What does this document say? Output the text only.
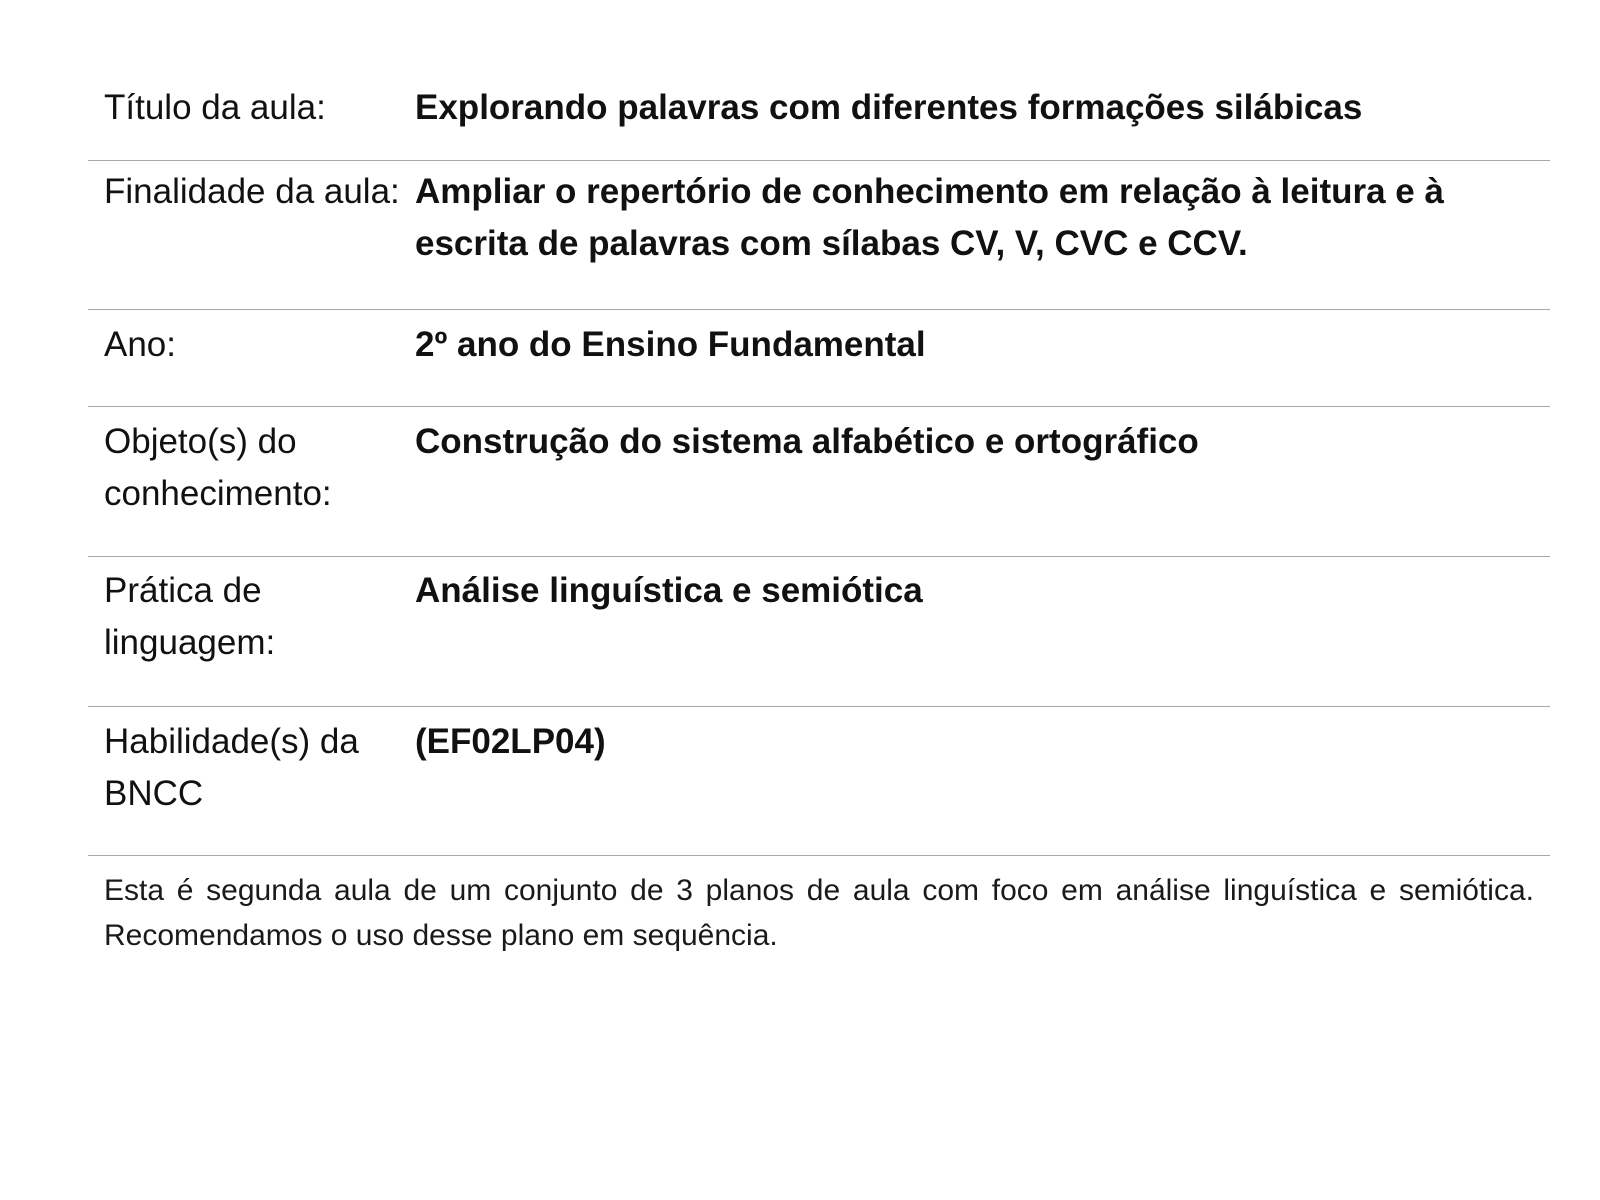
Título da aula:	Explorando palavras com diferentes formações silábicas
Finalidade da aula: Ampliar o repertório de conhecimento em relação à leitura e à escrita de palavras com sílabas CV, V, CVC e CCV.
Ano:	2º ano do Ensino Fundamental
Objeto(s) do conhecimento:
Construção do sistema alfabético e ortográfico
Prática de linguagem:
Análise linguística e semiótica
Habilidade(s) da BNCC
(EF02LP04)
Esta é segunda aula de um conjunto de 3 planos de aula com foco em análise linguística e semiótica. Recomendamos o uso desse plano em sequência.
